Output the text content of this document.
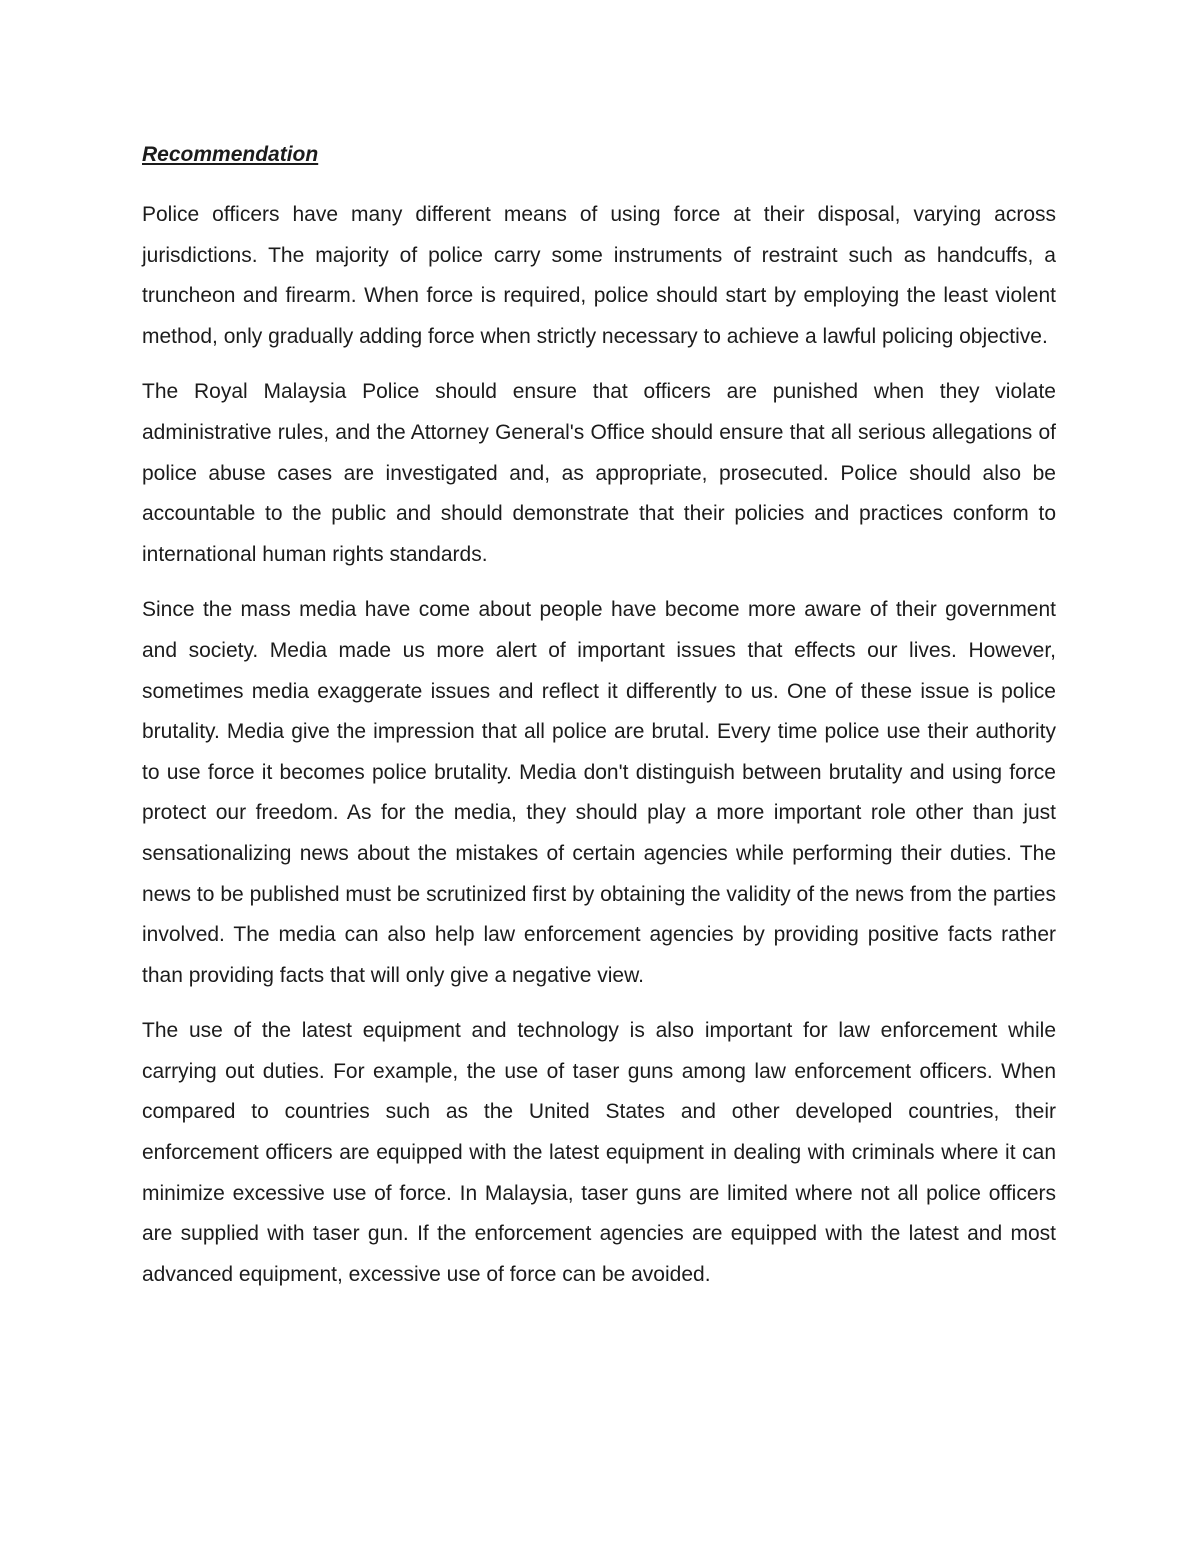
Recommendation

Police officers have many different means of using force at their disposal, varying across jurisdictions. The majority of police carry some instruments of restraint such as handcuffs, a truncheon and firearm. When force is required, police should start by employing the least violent method, only gradually adding force when strictly necessary to achieve a lawful policing objective.

The Royal Malaysia Police should ensure that officers are punished when they violate administrative rules, and the Attorney General's Office should ensure that all serious allegations of police abuse cases are investigated and, as appropriate, prosecuted. Police should also be accountable to the public and should demonstrate that their policies and practices conform to international human rights standards.

Since the mass media have come about people have become more aware of their government and society. Media made us more alert of important issues that effects our lives. However, sometimes media exaggerate issues and reflect it differently to us. One of these issue is police brutality. Media give the impression that all police are brutal. Every time police use their authority to use force it becomes police brutality. Media don't distinguish between brutality and using force protect our freedom. As for the media, they should play a more important role other than just sensationalizing news about the mistakes of certain agencies while performing their duties. The news to be published must be scrutinized first by obtaining the validity of the news from the parties involved. The media can also help law enforcement agencies by providing positive facts rather than providing facts that will only give a negative view.

The use of the latest equipment and technology is also important for law enforcement while carrying out duties. For example, the use of taser guns among law enforcement officers. When compared to countries such as the United States and other developed countries, their enforcement officers are equipped with the latest equipment in dealing with criminals where it can minimize excessive use of force. In Malaysia, taser guns are limited where not all police officers are supplied with taser gun. If the enforcement agencies are equipped with the latest and most advanced equipment, excessive use of force can be avoided.
